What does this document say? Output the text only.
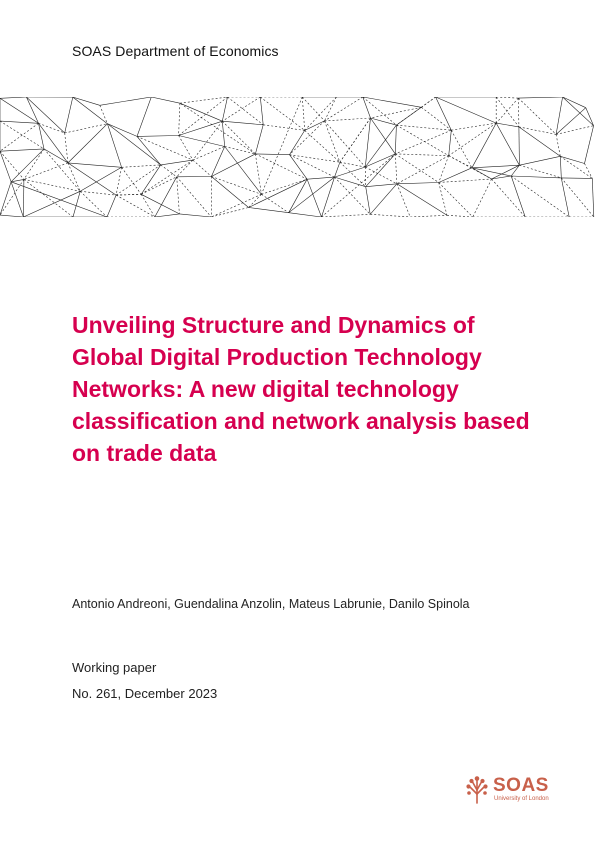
SOAS Department of Economics
Unveiling Structure and Dynamics of Global Digital Production Technology Networks: A new digital technology classification and network analysis based on trade data
Antonio Andreoni, Guendalina Anzolin, Mateus Labrunie, Danilo Spinola
Working paper
No. 261, December 2023
SOAS
University of London
